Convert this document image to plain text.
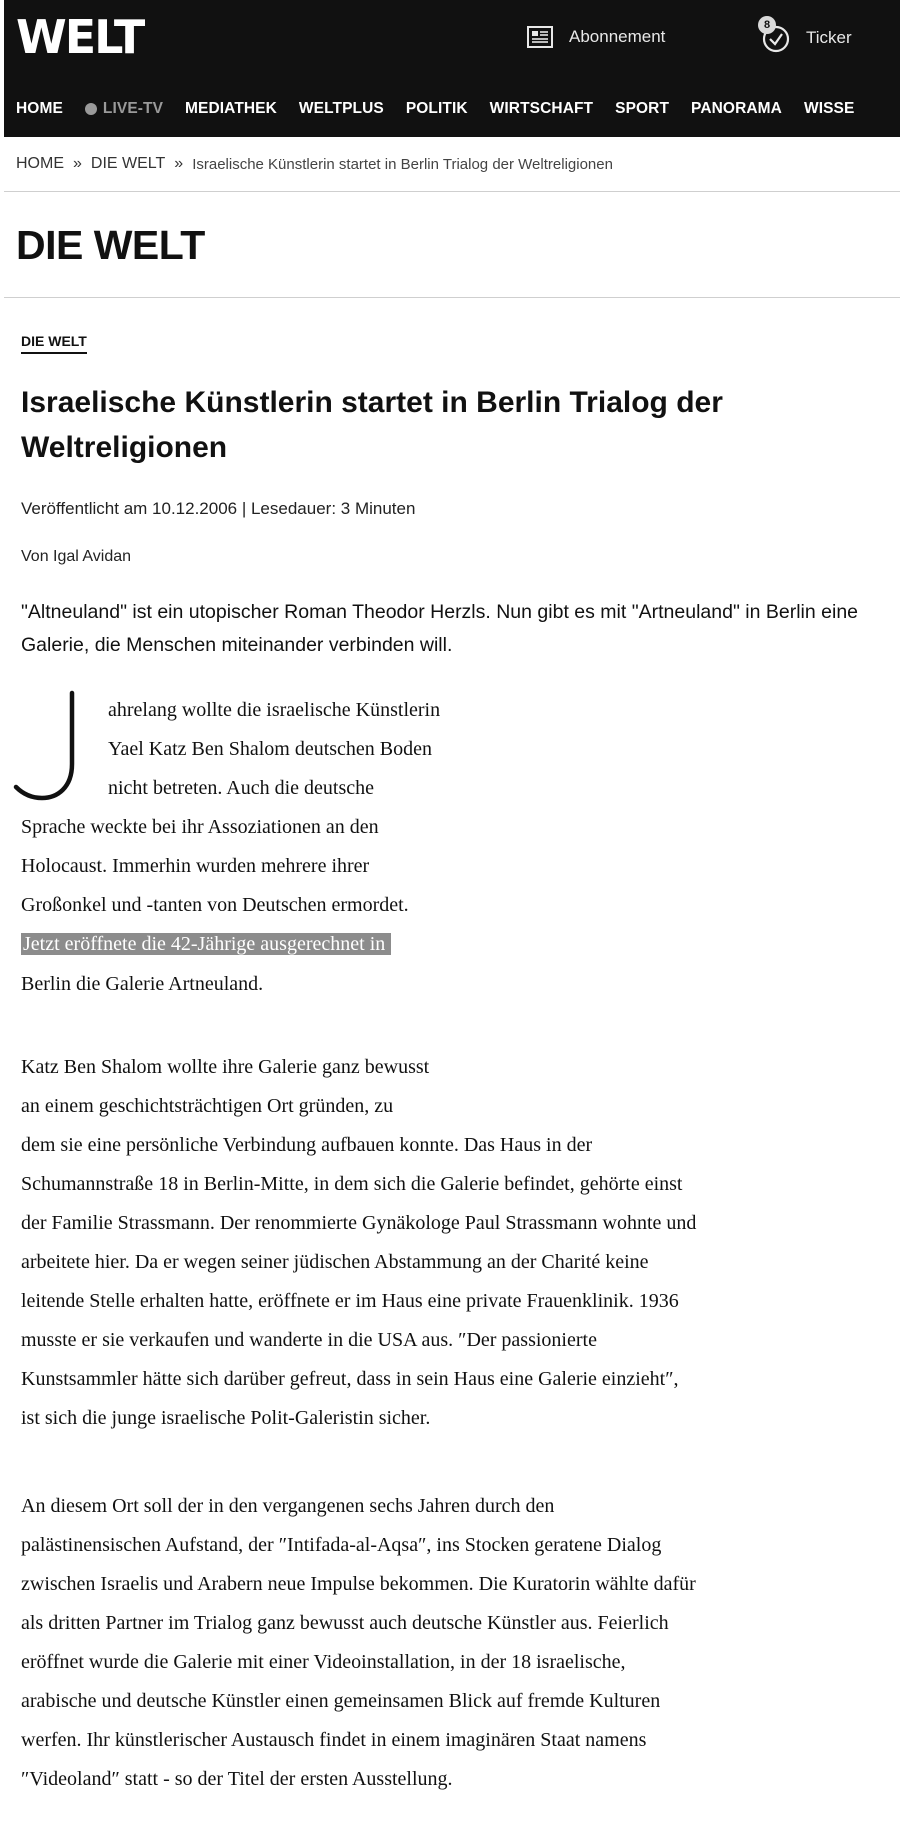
WELT	Abonnement
8
Ticker
HOME	LIVE-TV MEDIATHEK WELTPLUS POLITIK WIRTSCHAFT SPORT PANORAMA WISSE
HOME » DIE WELT » Israelische Künstlerin startet in Berlin Trialog der Weltreligionen
DIE WELT
DIE WELT
Israelische Künstlerin startet in Berlin Trialog der Weltreligionen
Veröffentlicht am 10.12.2006 | Lesedauer: 3 Minuten
Von Igal Avidan

"Altneuland" ist ein utopischer Roman Theodor Herzls. Nun gibt es mit "Artneuland" in Berlin eine Galerie, die Menschen miteinander verbinden will.

ahrelang wollte die israelische Künstlerin
Yael Katz Ben Shalom deutschen Boden
nicht betreten. Auch die deutsche
Sprache weckte bei ihr Assoziationen an den
Holocaust. Immerhin wurden mehrere ihrer
Großonkel und -tanten von Deutschen ermordet.
Jetzt eröffnete die 42-Jährige ausgerechnet in
Berlin die Galerie Artneuland.
Katz Ben Shalom wollte ihre Galerie ganz bewusst
an einem geschichtsträchtigen Ort gründen, zu
dem sie eine persönliche Verbindung aufbauen konnte. Das Haus in der
Schumannstraße 18 in Berlin-Mitte, in dem sich die Galerie befindet, gehörte einst
der Familie Strassmann. Der renommierte Gynäkologe Paul Strassmann wohnte und
arbeitete hier. Da er wegen seiner jüdischen Abstammung an der Charité keine
leitende Stelle erhalten hatte, eröffnete er im Haus eine private Frauenklinik. 1936
musste er sie verkaufen und wanderte in die USA aus. ″Der passionierte
Kunstsammler hätte sich darüber gefreut, dass in sein Haus eine Galerie einzieht″,
ist sich die junge israelische Polit-Galeristin sicher.
An diesem Ort soll der in den vergangenen sechs Jahren durch den
palästinensischen Aufstand, der ″Intifada-al-Aqsa″, ins Stocken geratene Dialog
zwischen Israelis und Arabern neue Impulse bekommen. Die Kuratorin wählte dafür
als dritten Partner im Trialog ganz bewusst auch deutsche Künstler aus. Feierlich
eröffnet wurde die Galerie mit einer Videoinstallation, in der 18 israelische,
arabische und deutsche Künstler einen gemeinsamen Blick auf fremde Kulturen
werfen. Ihr künstlerischer Austausch findet in einem imaginären Staat namens
″Videoland″ statt - so der Titel der ersten Ausstellung.
